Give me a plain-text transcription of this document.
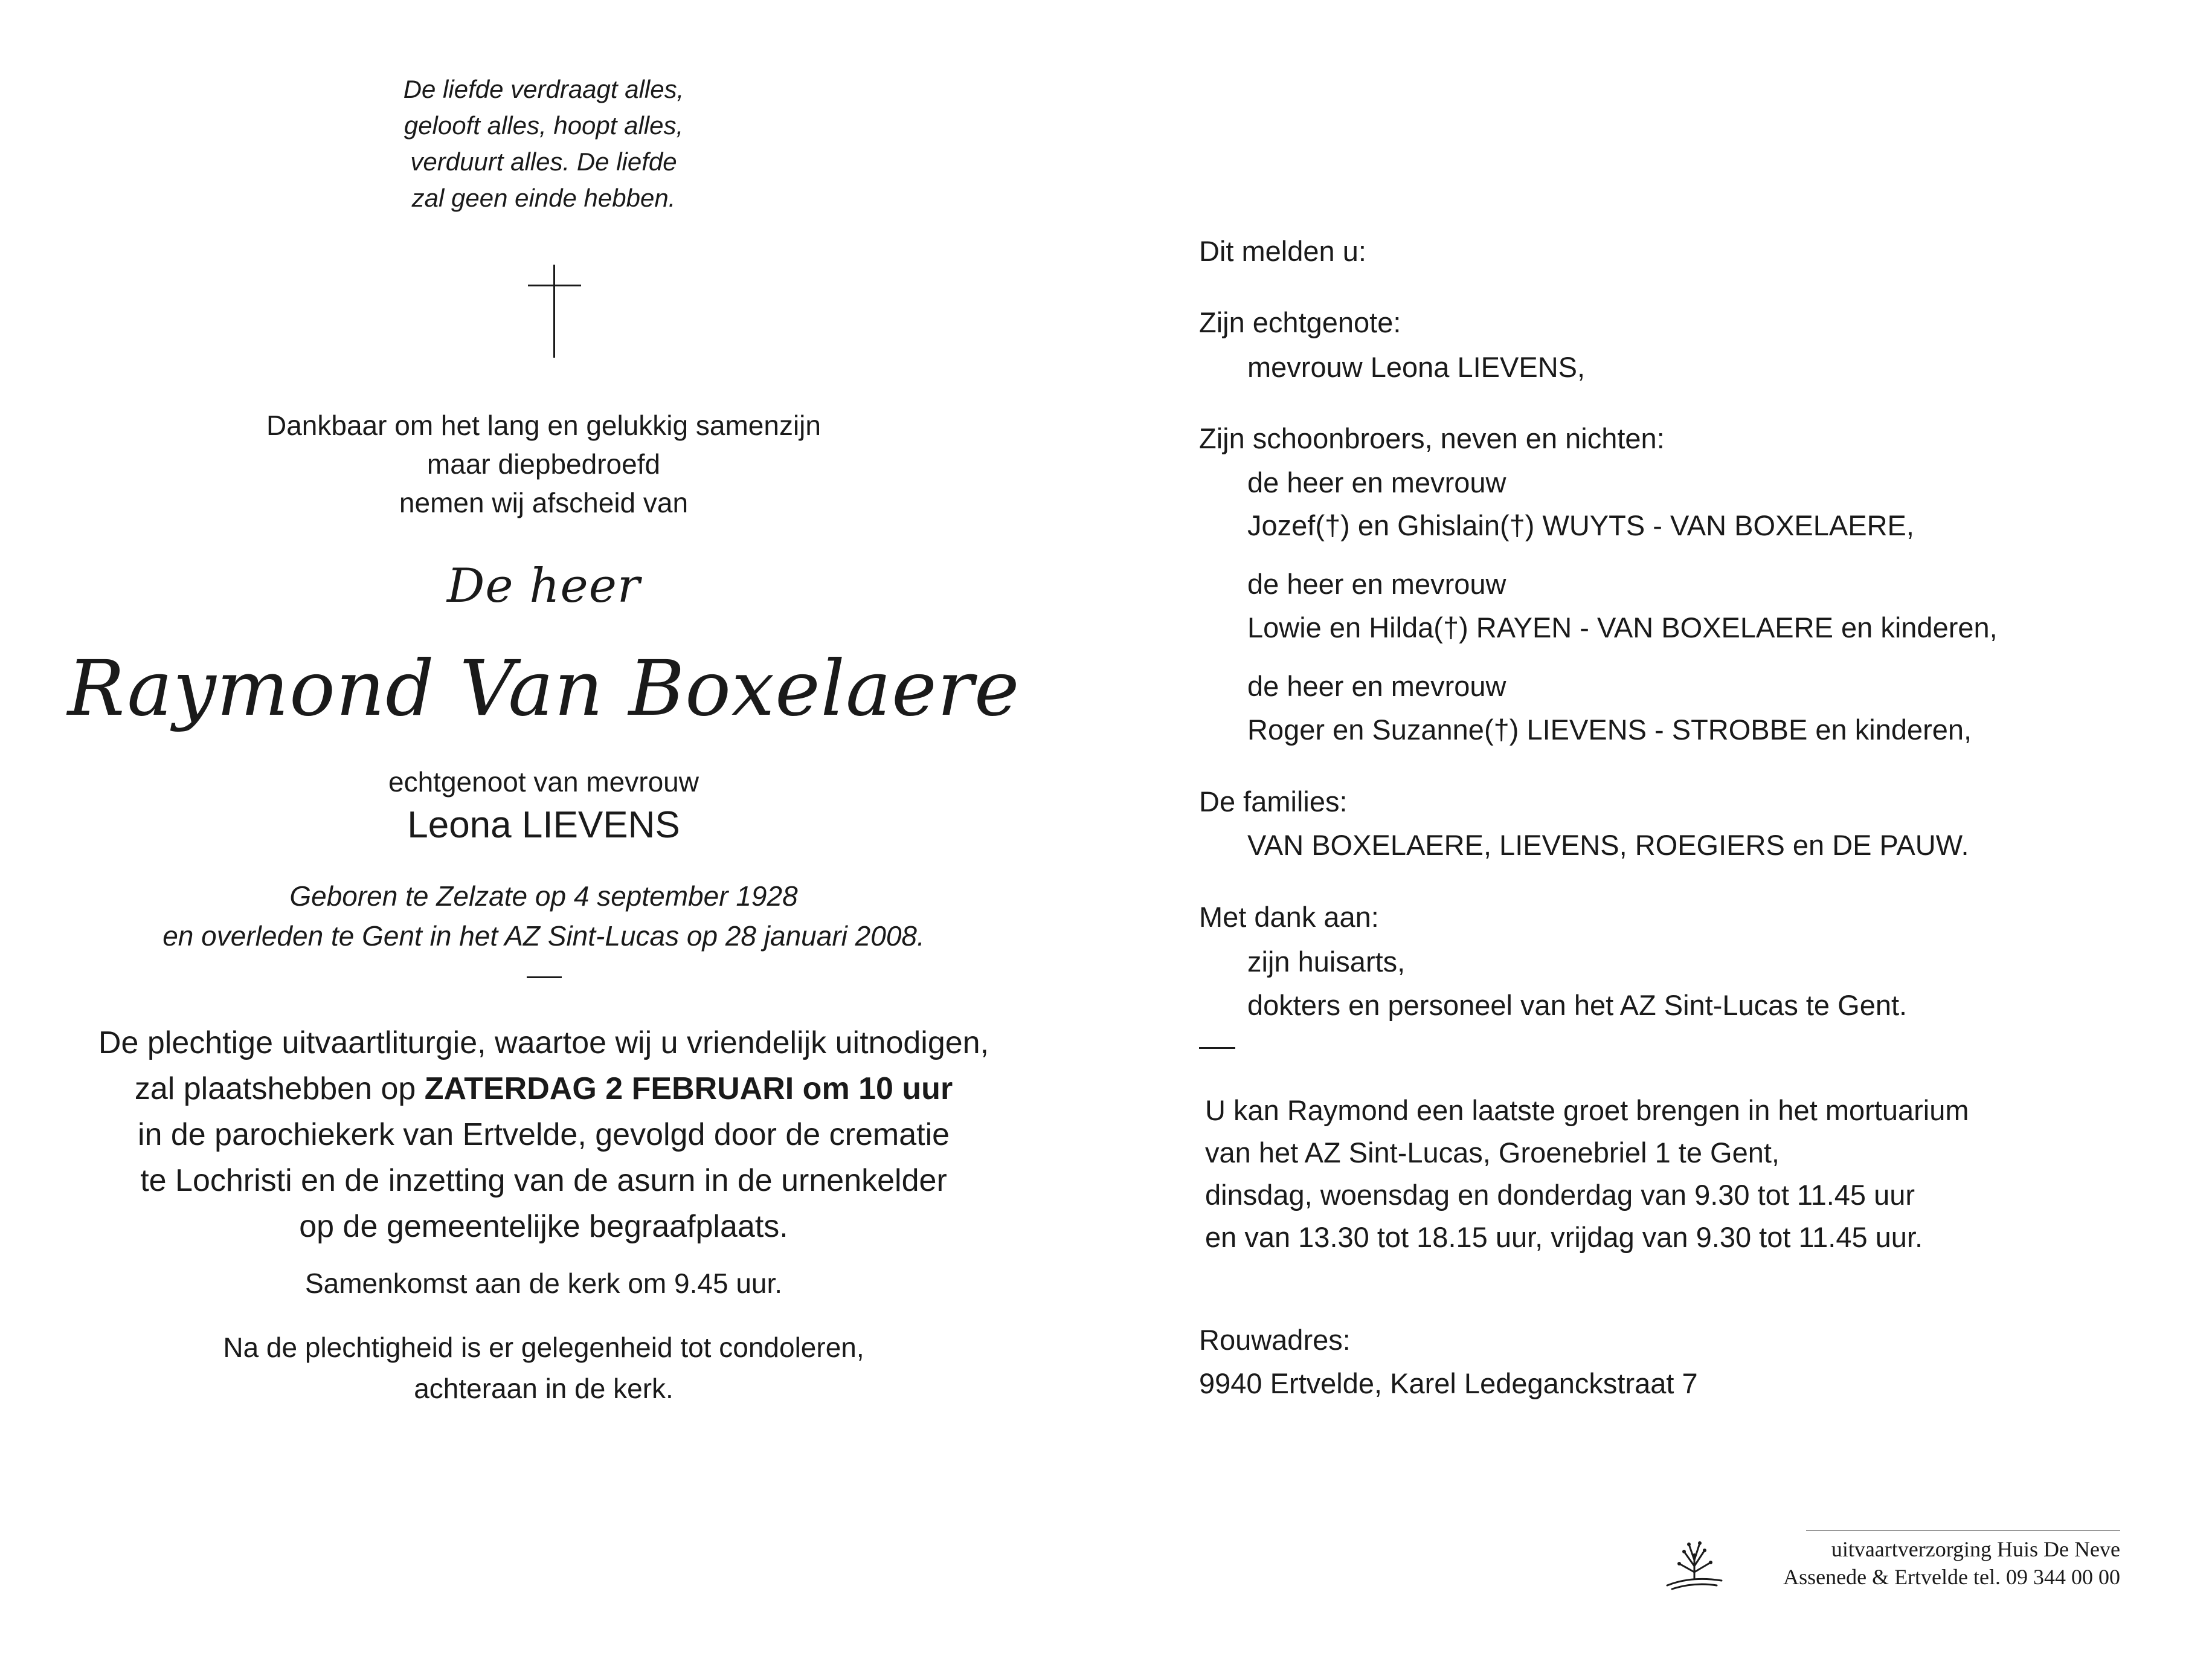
De liefde verdraagt alles,
gelooft alles, hoopt alles,
verduurt alles. De liefde
zal geen einde hebben.
Dankbaar om het lang en gelukkig samenzijn
maar diepbedroefd
nemen wij afscheid van
De heer
Raymond Van Boxelaere
echtgenoot van mevrouw
Leona LIEVENS
Geboren te Zelzate op 4 september 1928
en overleden te Gent in het AZ Sint-Lucas op 28 januari 2008.
De plechtige uitvaartliturgie, waartoe wij u vriendelijk uitnodigen,
zal plaatshebben op ZATERDAG 2 FEBRUARI om 10 uur
in de parochiekerk van Ertvelde, gevolgd door de crematie
te Lochristi en de inzetting van de asurn in de urnenkelder
op de gemeentelijke begraafplaats.
Samenkomst aan de kerk om 9.45 uur.
Na de plechtigheid is er gelegenheid tot condoleren,
achteraan in de kerk.
Dit melden u:
Zijn echtgenote:
mevrouw Leona LIEVENS,
Zijn schoonbroers, neven en nichten:
de heer en mevrouw
Jozef(†) en Ghislain(†) WUYTS - VAN BOXELAERE,
de heer en mevrouw
Lowie en Hilda(†) RAYEN - VAN BOXELAERE en kinderen,
de heer en mevrouw
Roger en Suzanne(†) LIEVENS - STROBBE en kinderen,
De families:
VAN BOXELAERE, LIEVENS, ROEGIERS en DE PAUW.
Met dank aan:
zijn huisarts,
dokters en personeel van het AZ Sint-Lucas te Gent.
U kan Raymond een laatste groet brengen in het mortuarium
van het AZ Sint-Lucas, Groenebriel 1 te Gent,
dinsdag, woensdag en donderdag van 9.30 tot 11.45 uur
en van 13.30 tot 18.15 uur, vrijdag van 9.30 tot 11.45 uur.
Rouwadres:
9940 Ertvelde, Karel Ledeganckstraat 7
uitvaartverzorging Huis De Neve
Assenede & Ertvelde tel. 09 344 00 00
